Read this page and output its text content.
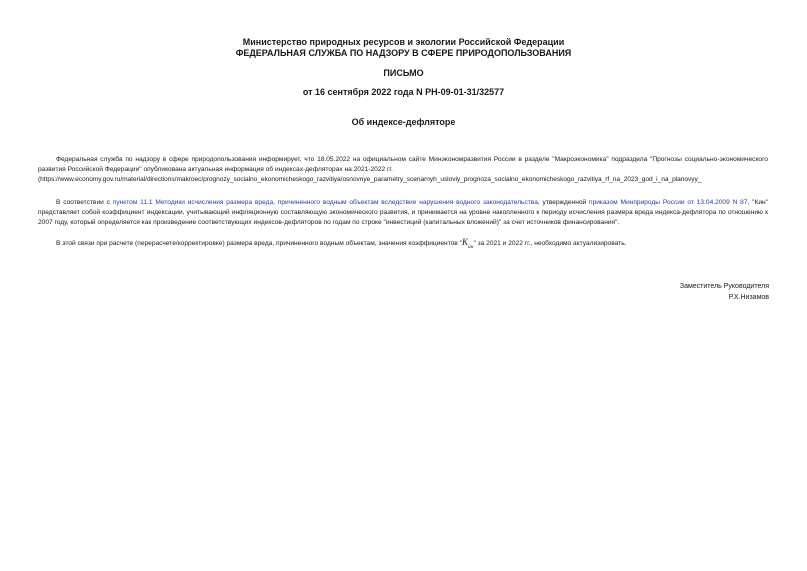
Министерство природных ресурсов и экологии Российской Федерации
ФЕДЕРАЛЬНАЯ СЛУЖБА ПО НАДЗОРУ В СФЕРЕ ПРИРОДОПОЛЬЗОВАНИЯ
ПИСЬМО
от 16 сентября 2022 года N РН-09-01-31/32577
Об индексе-дефляторе

Федеральная служба по надзору в сфере природопользования информирует, что 18.05.2022 на официальном сайте Минэкономразвития России в разделе "Макроэкономика" подраздела "Прогнозы социально-экономического развития Российской Федерации" опубликована актуальная информация об индексах-дефляторах на 2021-2022 гг.
(https://www.economy.gov.ru/material/directions/makroec/prognozy_socialno_ekonomicheskogo_razvitiya/osnovnye_parametry_scenarnyh_usloviy_prognoza_socialno_ekonomicheskogo_razvitiya_rf_na_2023_god_i_na_planovyy_

В соответствии с пунктом 11.1 Методики исчисления размера вреда, причиненного водным объектам вследствие нарушения водного законодательства, утвержденной приказом Минприроды России от 13.04.2009 N 87, "Кин" представляет собой коэффициент индексации, учитывающий инфляционную составляющую экономического развития, и принимается на уровне накопленного к периоду исчисления размера вреда индекса-дефлятора по отношению к 2007 году, который определяется как произведение соответствующих индексов-дефляторов по годам по строке "инвестиций (капитальных вложений)" за счет источников финансирования".

В этой связи при расчете (перерасчете/корректировке) размера вреда, причиненного водным объектам, значения коэффициентов "$K_{ин}$" за 2021 и 2022 гг., необходимо актуализировать.

Заместитель Руководителя
Р.Х.Низамов
